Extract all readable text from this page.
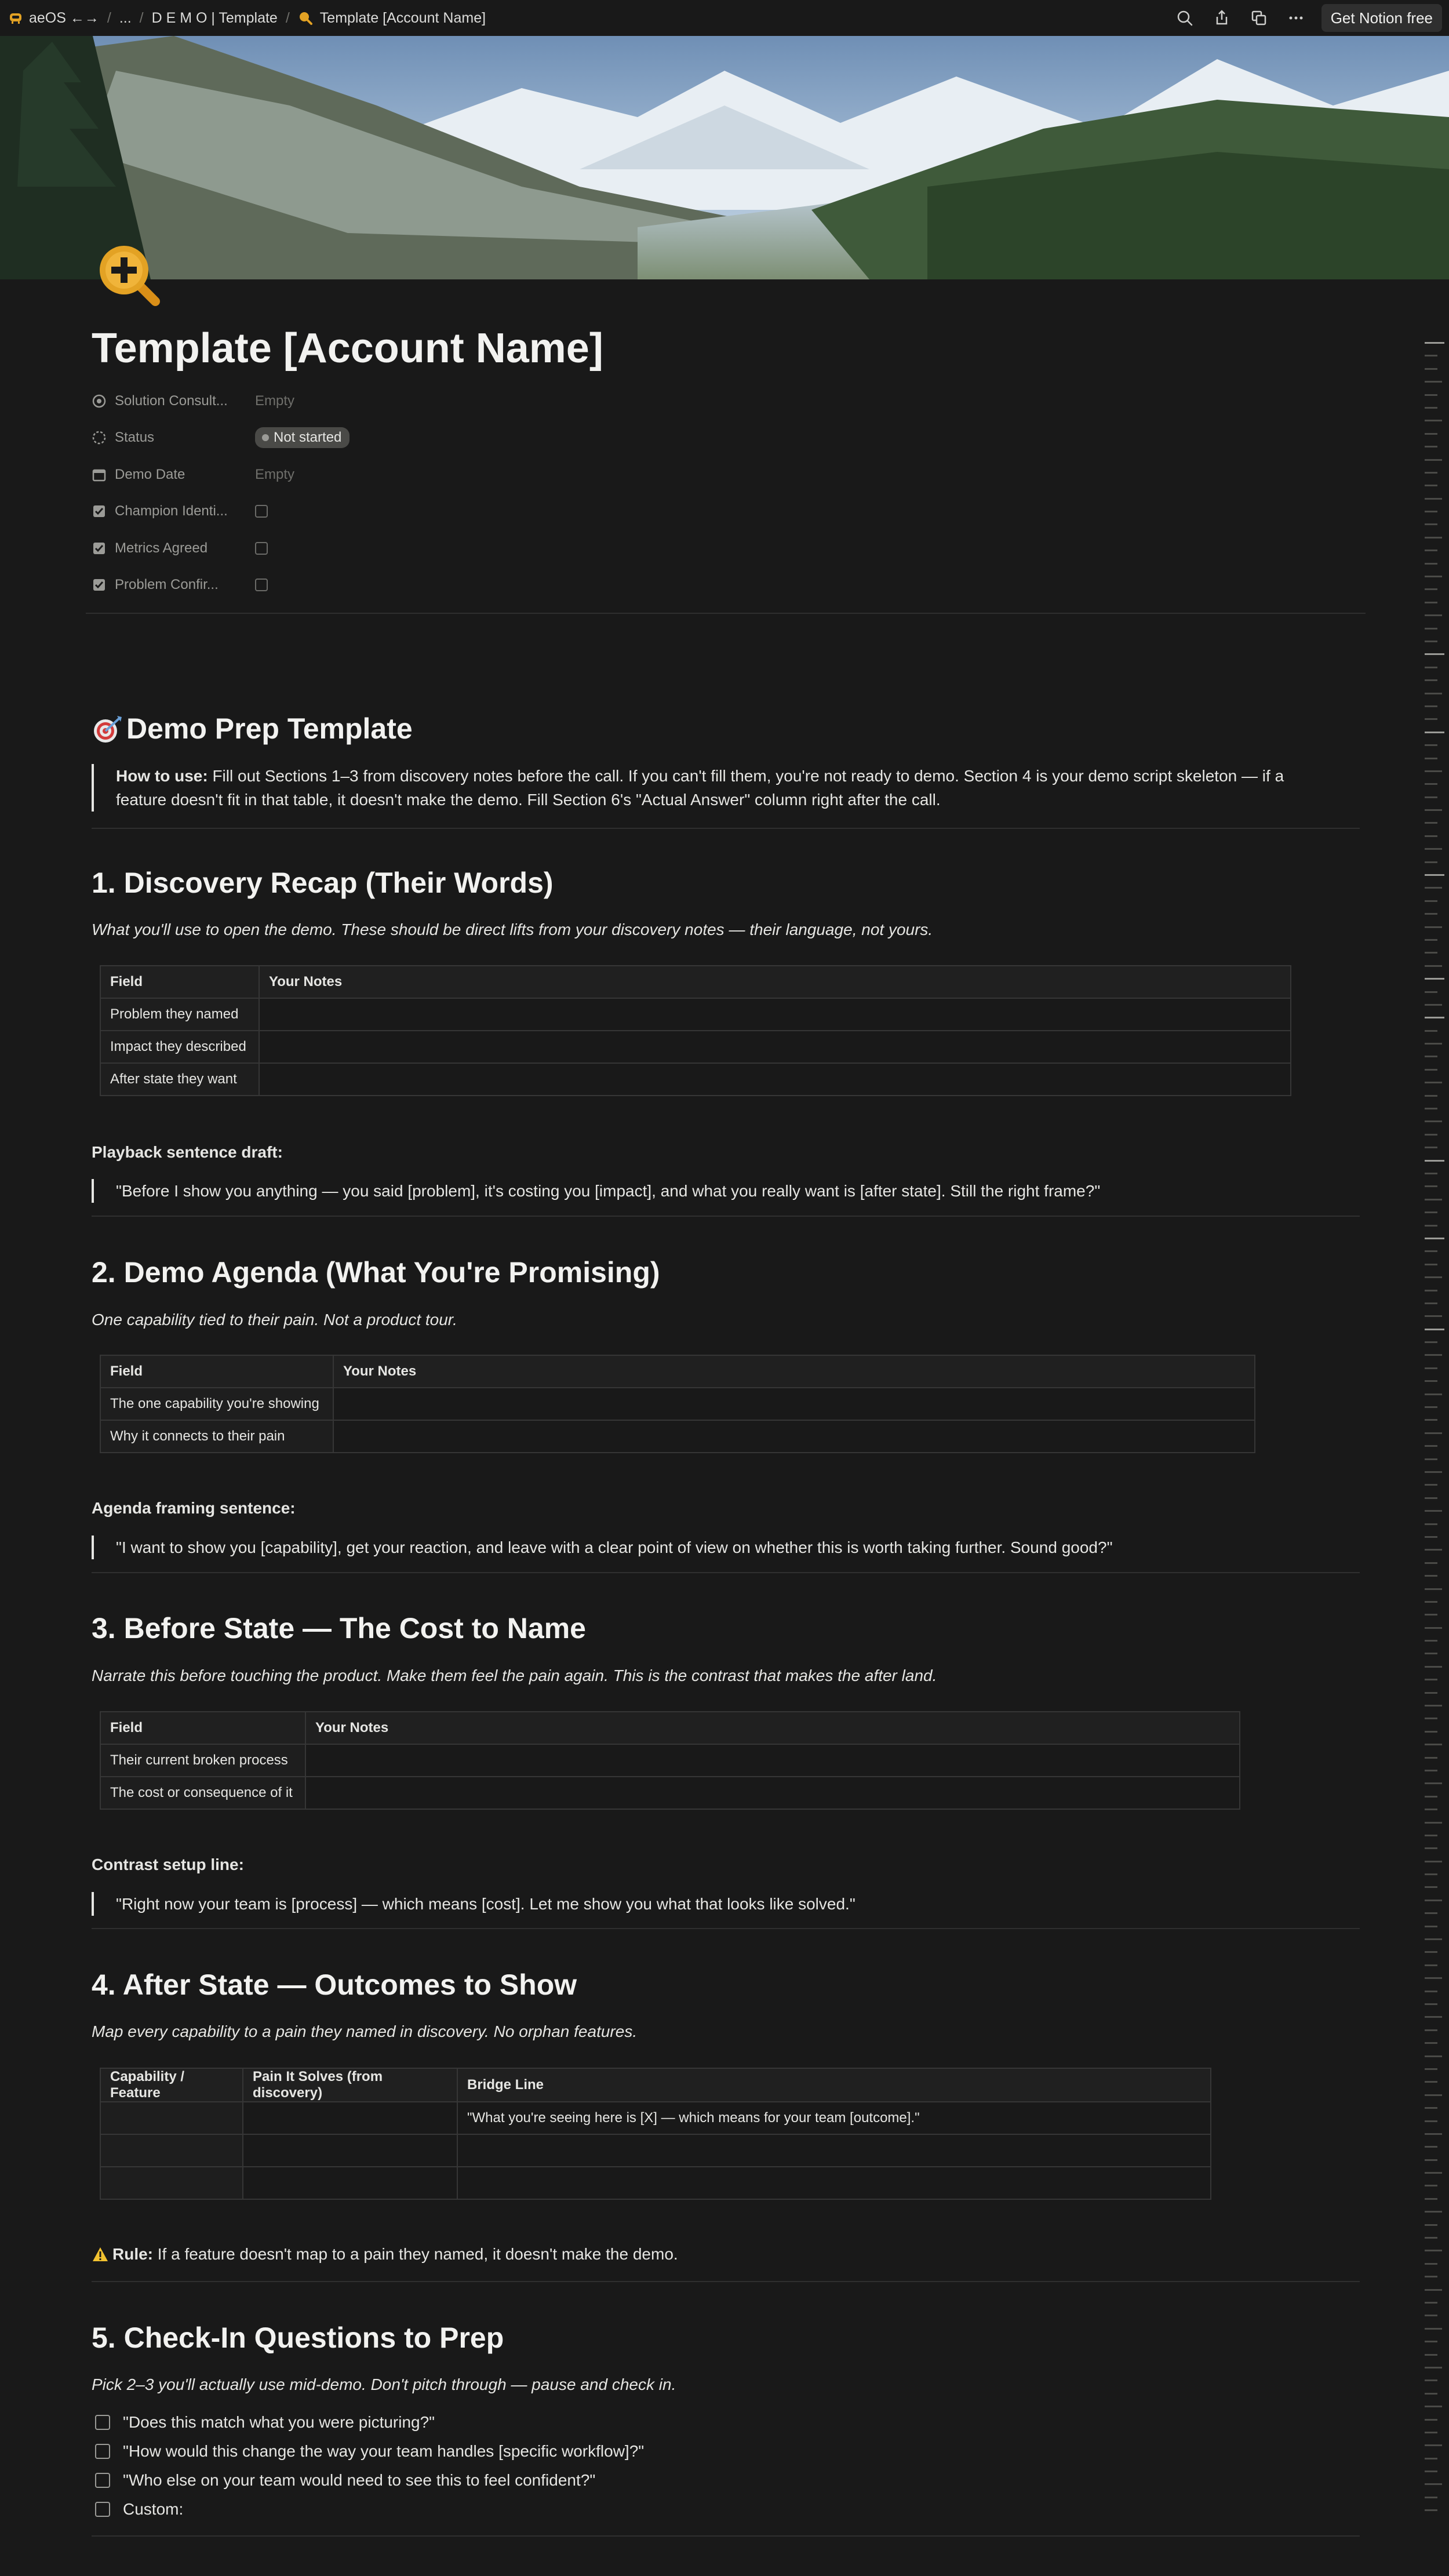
aeOS ←→ / ... / D E M O | Template / Template [Account Name]	Get Notion free
Template [Account Name]
Solution Consult... Empty
Status	Not started
Demo Date	Empty
Champion Identi...
Metrics Agreed
Problem Confir...
Demo Prep Template
How to use: Fill out Sections 1–3 from discovery notes before the call. If you can't fill them, you're not ready to demo. Section 4 is your demo script skeleton — if a feature doesn't fit in that table, it doesn't make the demo. Fill Section 6's "Actual Answer" column right after the call.
1. Discovery Recap (Their Words)
What you'll use to open the demo. These should be direct lifts from your discovery notes — their language, not yours.
Field	Your Notes
Problem they named	
Impact they described	
After state they want	
Playback sentence draft:
"Before I show you anything — you said [problem], it's costing you [impact], and what you really want is [after state]. Still the right frame?"
2. Demo Agenda (What You're Promising)
One capability tied to their pain. Not a product tour.
Field	Your Notes
The one capability you're showing	
Why it connects to their pain	
Agenda framing sentence:
"I want to show you [capability], get your reaction, and leave with a clear point of view on whether this is worth taking further. Sound good?"
3. Before State — The Cost to Name
Narrate this before touching the product. Make them feel the pain again. This is the contrast that makes the after land.
Field	Your Notes
Their current broken process	
The cost or consequence of it	
Contrast setup line:
"Right now your team is [process] — which means [cost]. Let me show you what that looks like solved."
4. After State — Outcomes to Show
Map every capability to a pain they named in discovery. No orphan features.
Capability / Feature	Pain It Solves (from discovery)	Bridge Line
		"What you're seeing here is [X] — which means for your team [outcome]."

Rule: If a feature doesn't map to a pain they named, it doesn't make the demo.
5. Check-In Questions to Prep
Pick 2–3 you'll actually use mid-demo. Don't pitch through — pause and check in.
"Does this match what you were picturing?"
"How would this change the way your team handles [specific workflow]?"
"Who else on your team would need to see this to feel confident?"
Custom:
